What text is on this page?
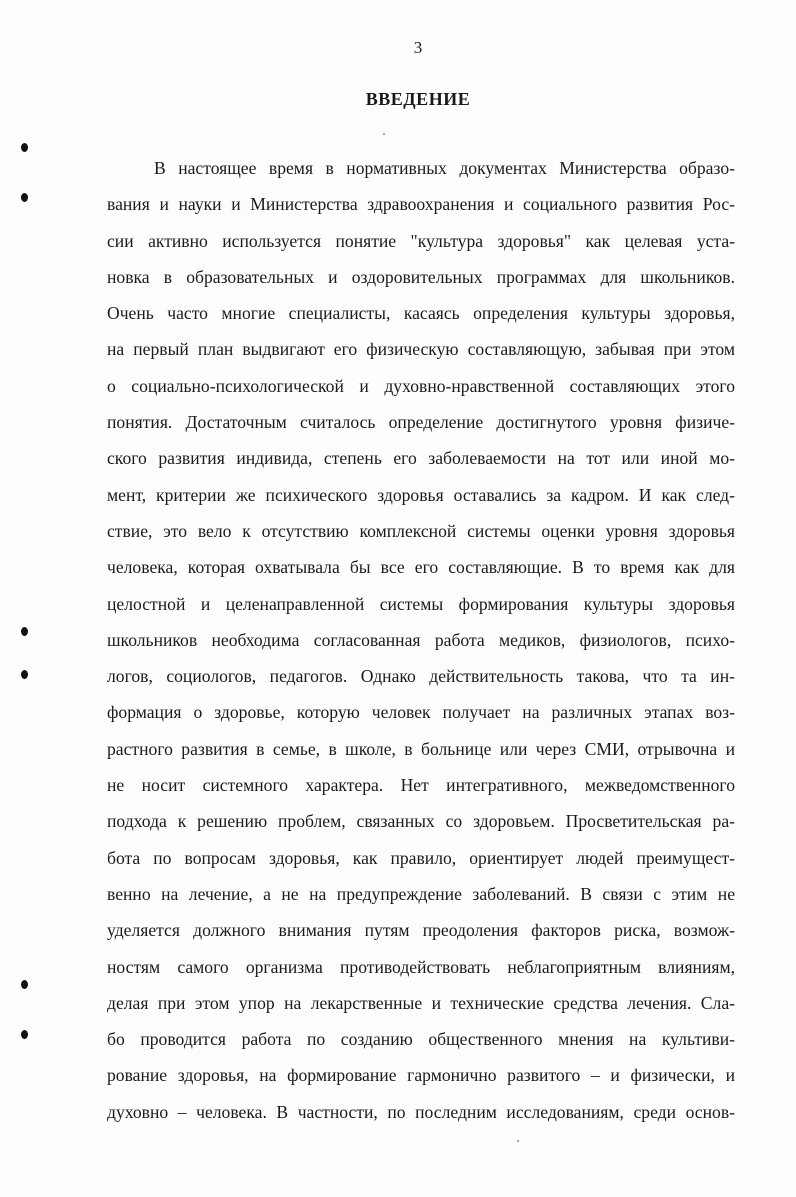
3
ВВЕДЕНИЕ
В настоящее время в нормативных документах Министерства образо-
вания и науки и Министерства здравоохранения и социального развития Рос-
сии активно используется понятие "культура здоровья" как целевая уста-
новка в образовательных и оздоровительных программах для школьников.
Очень часто многие специалисты, касаясь определения культуры здоровья,
на первый план выдвигают его физическую составляющую, забывая при этом
о социально-психологической и духовно-нравственной составляющих этого
понятия. Достаточным считалось определение достигнутого уровня физиче-
ского развития индивида, степень его заболеваемости на тот или иной мо-
мент, критерии же психического здоровья оставались за кадром. И как след-
ствие, это вело к отсутствию комплексной системы оценки уровня здоровья
человека, которая охватывала бы все его составляющие. В то время как для
целостной и целенаправленной системы формирования культуры здоровья
школьников необходима согласованная работа медиков, физиологов, психо-
логов, социологов, педагогов. Однако действительность такова, что та ин-
формация о здоровье, которую человек получает на различных этапах воз-
растного развития в семье, в школе, в больнице или через СМИ, отрывочна и
не носит системного характера. Нет интегративного, межведомственного
подхода к решению проблем, связанных со здоровьем. Просветительская ра-
бота по вопросам здоровья, как правило, ориентирует людей преимущест-
венно на лечение, а не на предупреждение заболеваний. В связи с этим не
уделяется должного внимания путям преодоления факторов риска, возмож-
ностям самого организма противодействовать неблагоприятным влияниям,
делая при этом упор на лекарственные и технические средства лечения. Сла-
бо проводится работа по созданию общественного мнения на культиви-
рование здоровья, на формирование гармонично развитого – и физически, и
духовно – человека. В частности, по последним исследованиям, среди основ-
